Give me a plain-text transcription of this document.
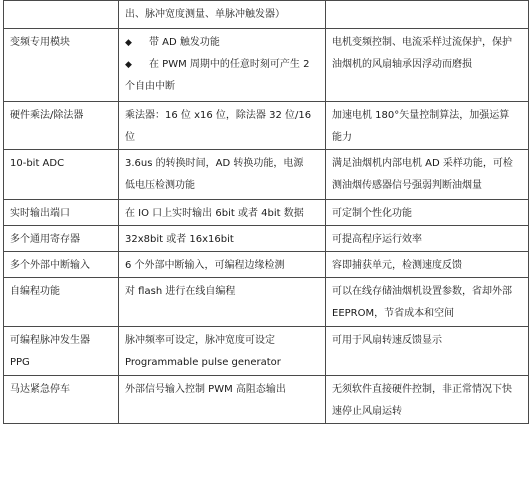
	出、脉冲宽度测量、单脉冲触发器）	

变频专用模块	◆ 带 AD 触发功能
◆ 在 PWM 周期中的任意时刻可产生 2
个自由中断	电机变频控制、电流采样过流保护，保护
油烟机的风扇轴承因浮动而磨损

硬件乘法/除法器	乘法器：16 位 x16 位，除法器 32 位/16
位	加速电机 180°矢量控制算法，加强运算
能力

10-bit ADC	3.6us 的转换时间，AD 转换功能，电源
低电压检测功能	满足油烟机内部电机 AD 采样功能，可检
测油烟传感器信号强弱判断油烟量

实时输出端口	在 IO 口上实时输出 6bit 或者 4bit 数据	可定制个性化功能

多个通用寄存器	32x8bit 或者 16x16bit	可提高程序运行效率

多个外部中断输入	6 个外部中断输入，可编程边缘检测	容即捕获单元，检测速度反馈

自编程功能	对 flash 进行在线自编程	可以在线存储油烟机设置参数，省却外部
EEPROM，节省成本和空间

可编程脉冲发生器
PPG	脉冲频率可设定，脉冲宽度可设定
Programmable pulse generator	可用于风扇转速反馈显示

马达紧急停车	外部信号输入控制 PWM 高阻态输出	无须软件直接硬件控制，非正常情况下快
速停止风扇运转
